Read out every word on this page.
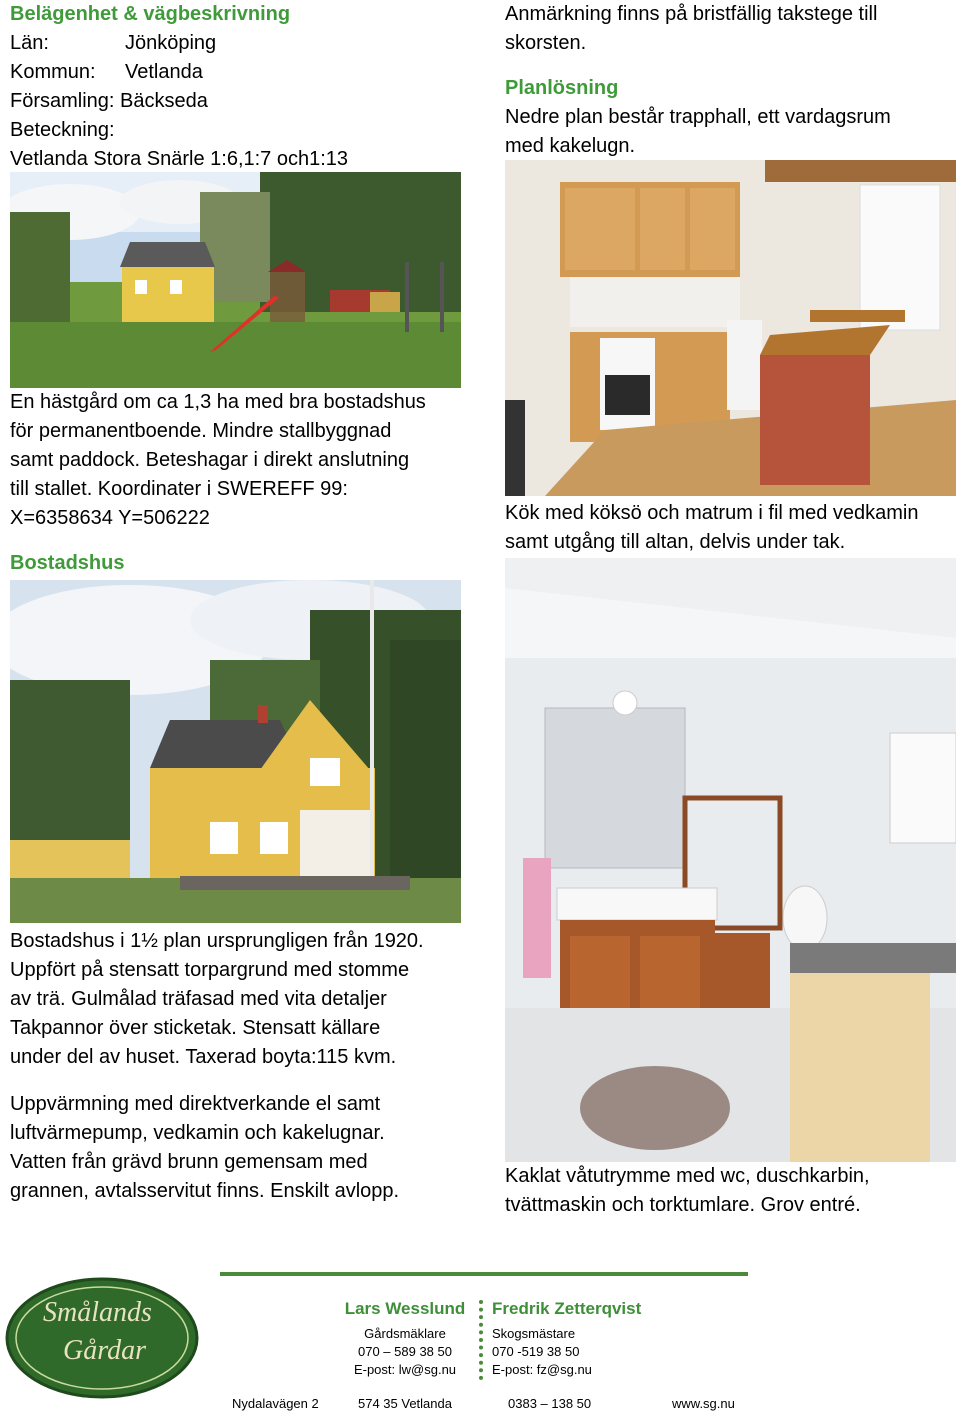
Belägenhet & vägbeskrivning
Län:	Jönköping
Kommun: Vetlanda
Församling: Bäckseda
Beteckning:
Vetlanda Stora Snärle 1:6,1:7 och1:13
En hästgård om ca 1,3 ha med bra bostadshus
för permanentboende. Mindre stallbyggnad
samt paddock. Beteshagar i direkt anslutning
till stallet. Koordinater i SWEREFF 99:
X=6358634 Y=506222
Bostadshus
Bostadshus i 1½ plan ursprungligen från 1920.
Uppfört på stensatt torpargrund med stomme
av trä. Gulmålad träfasad med vita detaljer
Takpannor över sticketak. Stensatt källare
under del av huset. Taxerad boyta:115 kvm.
Uppvärmning med direktverkande el samt
luftvärmepump, vedkamin och kakelugnar.
Vatten från grävd brunn gemensam med
grannen, avtalsservitut finns. Enskilt avlopp.
Anmärkning finns på bristfällig takstege till
skorsten.
Planlösning
Nedre plan består trapphall, ett vardagsrum
med kakelugn.
Kök med köksö och matrum i fil med vedkamin
samt utgång till altan, delvis under tak.
Kaklat våtutrymme med wc, duschkarbin,
tvättmaskin och torktumlare. Grov entré.
Smålands
Gårdar
Lars Wesslund
Gårdsmäklare
070 – 589 38 50
E-post: lw@sg.nu
Fredrik Zetterqvist
Skogsmästare
070 -519 38 50
E-post: fz@sg.nu
Nydalavägen 2	574 35 Vetlanda	0383 – 138 50	www.sg.nu
